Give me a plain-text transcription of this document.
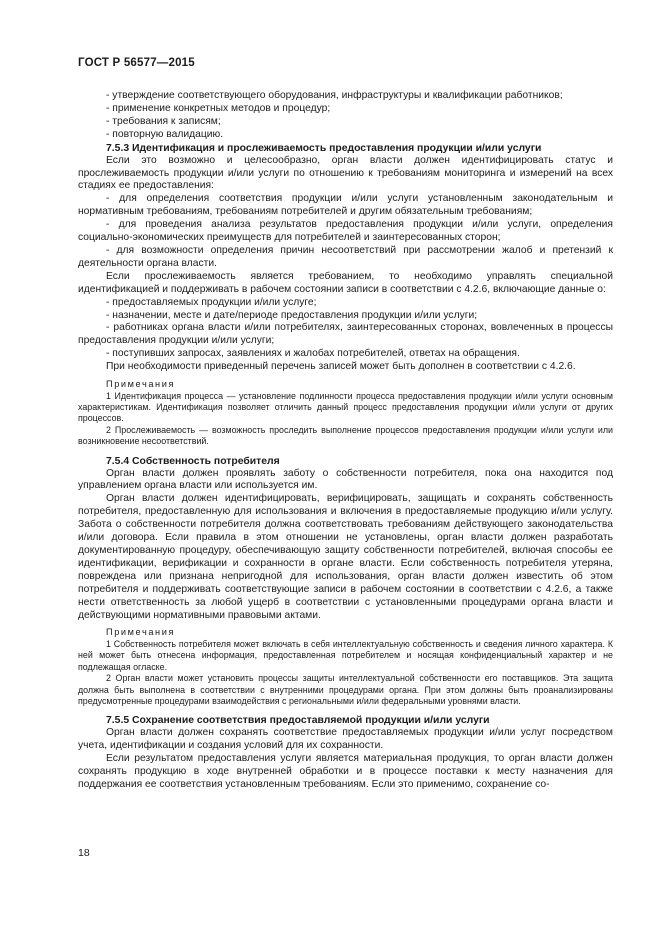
ГОСТ Р 56577—2015

- утверждение соответствующего оборудования, инфраструктуры и квалификации работников;

- применение конкретных методов и процедур;

- требования к записям;

- повторную валидацию.

7.5.3 Идентификация и прослеживаемость предоставления продукции и/или услуги

Если это возможно и целесообразно, орган власти должен идентифицировать статус и прослеживаемость продукции и/или услуги по отношению к требованиям мониторинга и измерений на всех стадиях ее предоставления:

- для определения соответствия продукции и/или услуги установленным законодательным и нормативным требованиям, требованиям потребителей и другим обязательным требованиям;

- для проведения анализа результатов предоставления продукции и/или услуги, определения социально-экономических преимуществ для потребителей и заинтересованных сторон;

- для возможности определения причин несоответствий при рассмотрении жалоб и претензий к деятельности органа власти.

Если прослеживаемость является требованием, то необходимо управлять специальной идентификацией и поддерживать в рабочем состоянии записи в соответствии с 4.2.6, включающие данные о:

- предоставляемых продукции и/или услуге;

- назначении, месте и дате/периоде предоставления продукции и/или услуги;

- работниках органа власти и/или потребителях, заинтересованных сторонах, вовлеченных в процессы предоставления продукции и/или услуги;

- поступивших запросах, заявлениях и жалобах потребителей, ответах на обращения.

При необходимости приведенный перечень записей может быть дополнен в соответствии с 4.2.6.

Примечания

1 Идентификация процесса — установление подлинности процесса предоставления продукции и/или услуги основным характеристикам. Идентификация позволяет отличить данный процесс предоставления продукции и/или услуги от других процессов.

2 Прослеживаемость — возможность проследить выполнение процессов предоставления продукции и/или услуги или возникновение несоответствий.

7.5.4 Собственность потребителя

Орган власти должен проявлять заботу о собственности потребителя, пока она находится под управлением органа власти или используется им.

Орган власти должен идентифицировать, верифицировать, защищать и сохранять собственность потребителя, предоставленную для использования и включения в предоставляемые продукцию и/или услугу. Забота о собственности потребителя должна соответствовать требованиям действующего законодательства и/или договора. Если правила в этом отношении не установлены, орган власти должен разработать документированную процедуру, обеспечивающую защиту собственности потребителей, включая способы ее идентификации, верификации и сохранности в органе власти. Если собственность потребителя утеряна, повреждена или признана непригодной для использования, орган власти должен известить об этом потребителя и поддерживать соответствующие записи в рабочем состоянии в соответствии с 4.2.6, а также нести ответственность за любой ущерб в соответствии с установленными процедурами органа власти и действующими нормативными правовыми актами.

Примечания

1 Собственность потребителя может включать в себя интеллектуальную собственность и сведения личного характера. К ней может быть отнесена информация, предоставленная потребителем и носящая конфиденциальный характер и не подлежащая огласке.

2 Орган власти может установить процессы защиты интеллектуальной собственности его поставщиков. Эта защита должна быть выполнена в соответствии с внутренними процедурами органа. При этом должны быть проанализированы предусмотренные процедурами взаимодействия с региональными и/или федеральными уровнями власти.

7.5.5 Сохранение соответствия предоставляемой продукции и/или услуги

Орган власти должен сохранять соответствие предоставляемых продукции и/или услуг посредством учета, идентификации и создания условий для их сохранности.

Если результатом предоставления услуги является материальная продукция, то орган власти должен сохранять продукцию в ходе внутренней обработки и в процессе поставки к месту назначения для поддержания ее соответствия установленным требованиям. Если это применимо, сохранение со-

18
